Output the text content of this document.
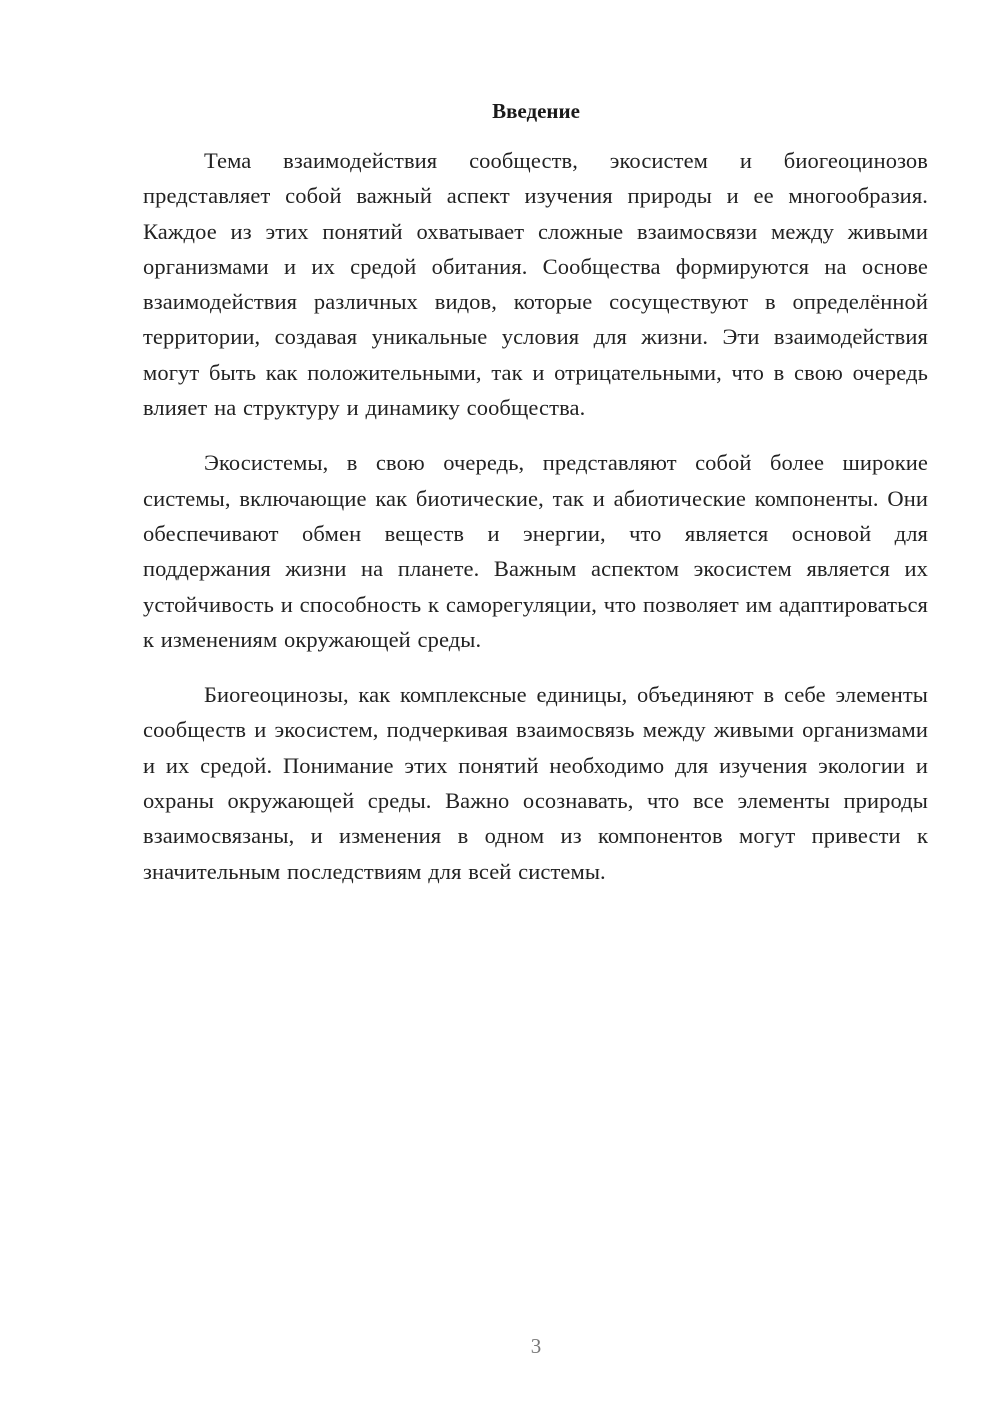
Введение

Тема взаимодействия сообществ, экосистем и биогеоцинозов представляет собой важный аспект изучения природы и ее многообразия. Каждое из этих понятий охватывает сложные взаимосвязи между живыми организмами и их средой обитания. Сообщества формируются на основе взаимодействия различных видов, которые сосуществуют в определённой территории, создавая уникальные условия для жизни. Эти взаимодействия могут быть как положительными, так и отрицательными, что в свою очередь влияет на структуру и динамику сообщества.

Экосистемы, в свою очередь, представляют собой более широкие системы, включающие как биотические, так и абиотические компоненты. Они обеспечивают обмен веществ и энергии, что является основой для поддержания жизни на планете. Важным аспектом экосистем является их устойчивость и способность к саморегуляции, что позволяет им адаптироваться к изменениям окружающей среды.

Биогеоцинозы, как комплексные единицы, объединяют в себе элементы сообществ и экосистем, подчеркивая взаимосвязь между живыми организмами и их средой. Понимание этих понятий необходимо для изучения экологии и охраны окружающей среды. Важно осознавать, что все элементы природы взаимосвязаны, и изменения в одном из компонентов могут привести к значительным последствиям для всей системы.

3
